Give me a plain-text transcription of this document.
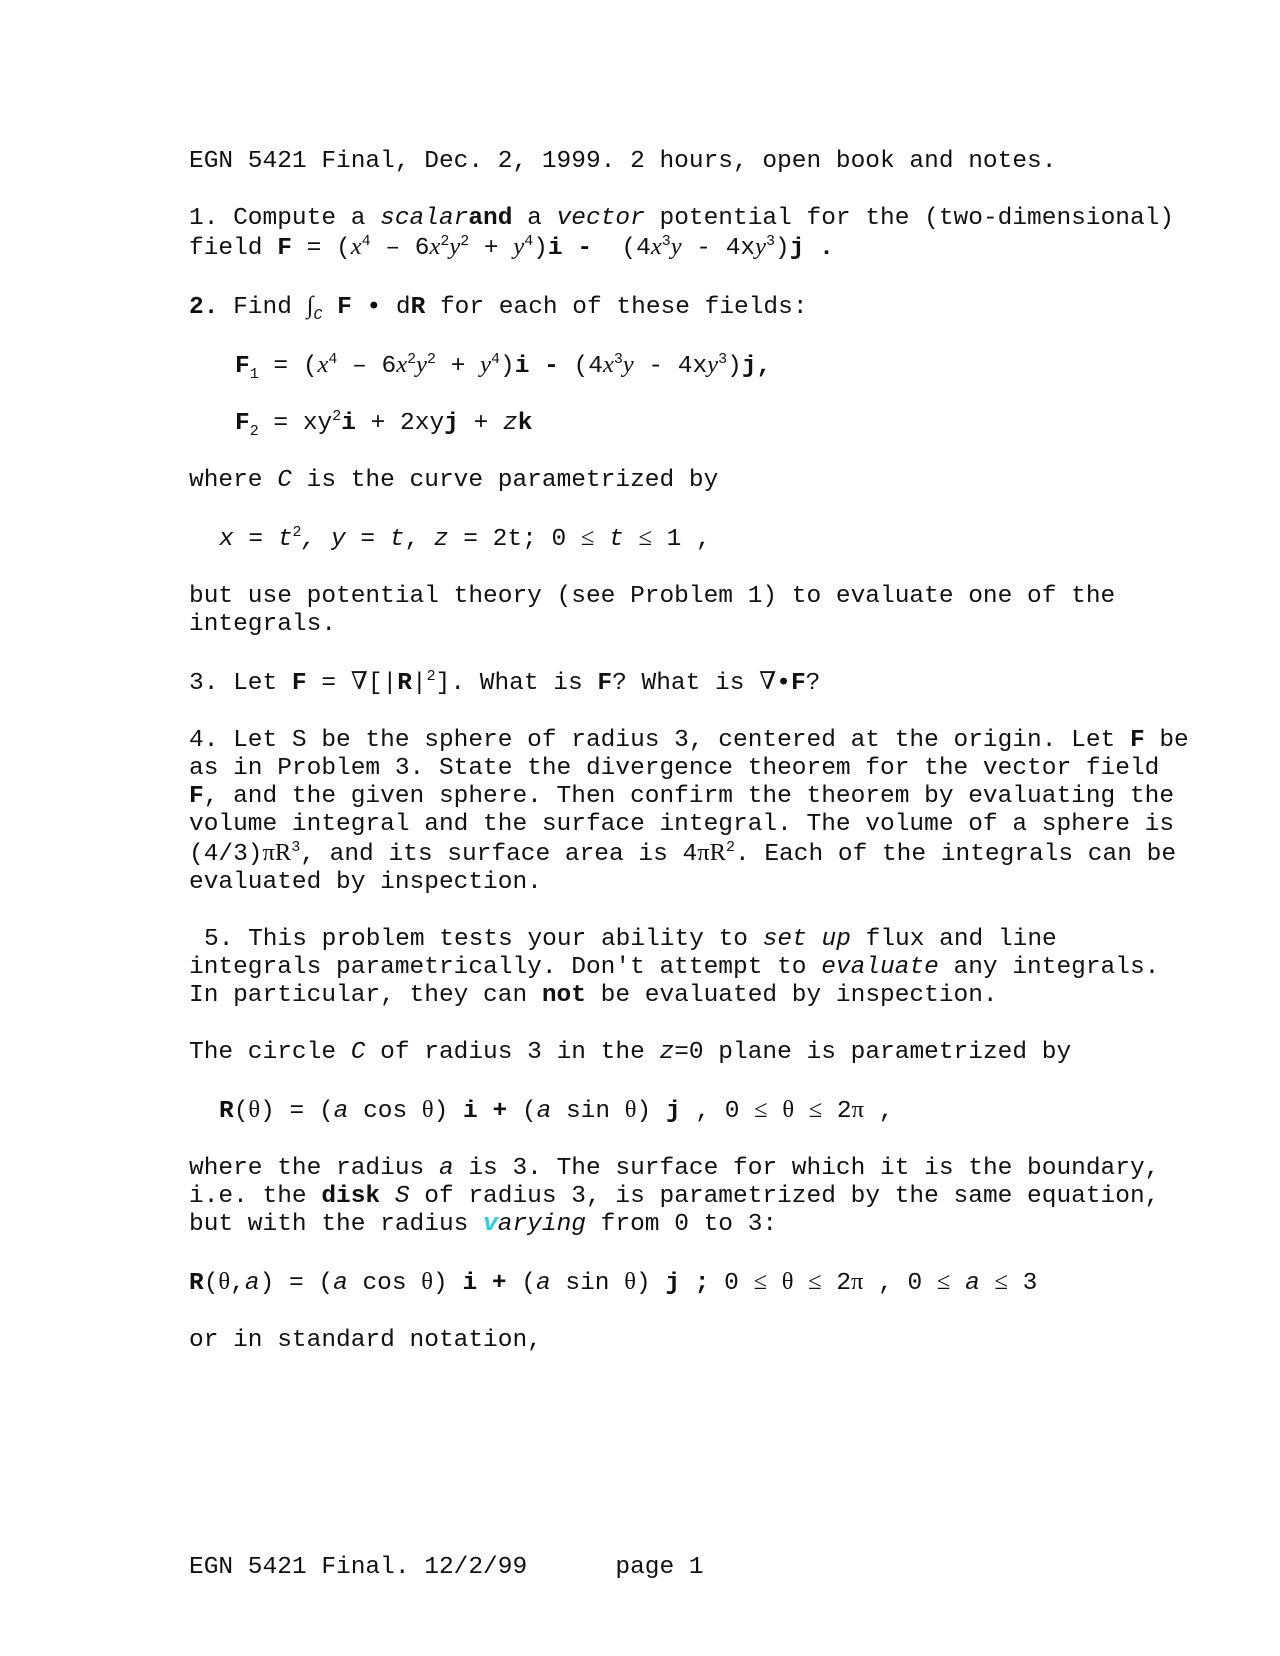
EGN 5421 Final, Dec. 2, 1999. 2 hours, open book and notes.

1. Compute a scalarand a vector potential for the (two-dimensional) field $F = (x^4 - 6x^2y^2 + y^4)i - (4x^3y - 4xy^3)j$ .

2. Find $\int_C$ F • dR for each of these fields:

$F_1 = (x^4 - 6x^2y^2 + y^4)i - (4x^3y - 4xy^3)j$,

$F_2 = xy^2i + 2xyj$ + zk

where C is the curve parametrized by

$x = t^2$, y = t, z = 2t; 0 ≤ t ≤ 1 ,

but use potential theory (see Problem 1) to evaluate one of the integrals.

3. Let $F = \nabla[|R|^2]$. What is F? What is ∇•F?

4. Let S be the sphere of radius 3, centered at the origin. Let F be as in Problem 3. State the divergence theorem for the vector field F, and the given sphere. Then confirm the theorem by evaluating the volume integral and the surface integral. The volume of a sphere is $(4/3)\pi R^3$, and its surface area is $4\pi R^2$. Each of the integrals can be evaluated by inspection.

5. This problem tests your ability to set up flux and line integrals parametrically. Don't attempt to evaluate any integrals. In particular, they can not be evaluated by inspection.

The circle C of radius 3 in the z=0 plane is parametrized by

R(θ) = (a cos θ) i + (a sin θ) j , 0 ≤ θ ≤ 2π ,

where the radius a is 3. The surface for which it is the boundary, i.e. the disk S of radius 3, is parametrized by the same equation, but with the radius varying from 0 to 3:

R(θ,a) = (a cos θ) i + (a sin θ) j ; 0 ≤ θ ≤ 2π , 0 ≤ a ≤ 3

or in standard notation,

EGN 5421 Final. 12/2/99	page 1
